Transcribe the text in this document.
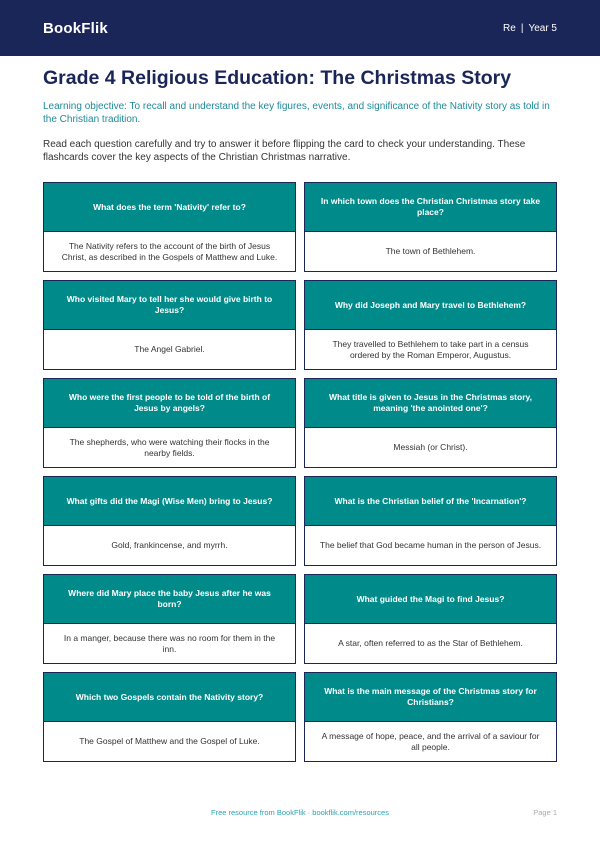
BookFlik	Re | Year 5
Grade 4 Religious Education: The Christmas Story

Learning objective: To recall and understand the key figures, events, and significance of the Nativity story as told in the Christian tradition.

Read each question carefully and try to answer it before flipping the card to check your understanding. These flashcards cover the key aspects of the Christian Christmas narrative.

What does the term 'Nativity' refer to?
The Nativity refers to the account of the birth of Jesus Christ, as described in the Gospels of Matthew and Luke.
In which town does the Christian Christmas story take place?
The town of Bethlehem.
Who visited Mary to tell her she would give birth to Jesus?
The Angel Gabriel.
Why did Joseph and Mary travel to Bethlehem?
They travelled to Bethlehem to take part in a census ordered by the Roman Emperor, Augustus.
Who were the first people to be told of the birth of Jesus by angels?
The shepherds, who were watching their flocks in the nearby fields.
What title is given to Jesus in the Christmas story, meaning 'the anointed one'?
Messiah (or Christ).
What gifts did the Magi (Wise Men) bring to Jesus?
Gold, frankincense, and myrrh.
What is the Christian belief of the 'Incarnation'?
The belief that God became human in the person of Jesus.
Where did Mary place the baby Jesus after he was born?
In a manger, because there was no room for them in the inn.
What guided the Magi to find Jesus?
A star, often referred to as the Star of Bethlehem.
Which two Gospels contain the Nativity story?
The Gospel of Matthew and the Gospel of Luke.
What is the main message of the Christmas story for Christians?
A message of hope, peace, and the arrival of a saviour for all people.
Free resource from BookFlik · bookflik.com/resources	Page 1
